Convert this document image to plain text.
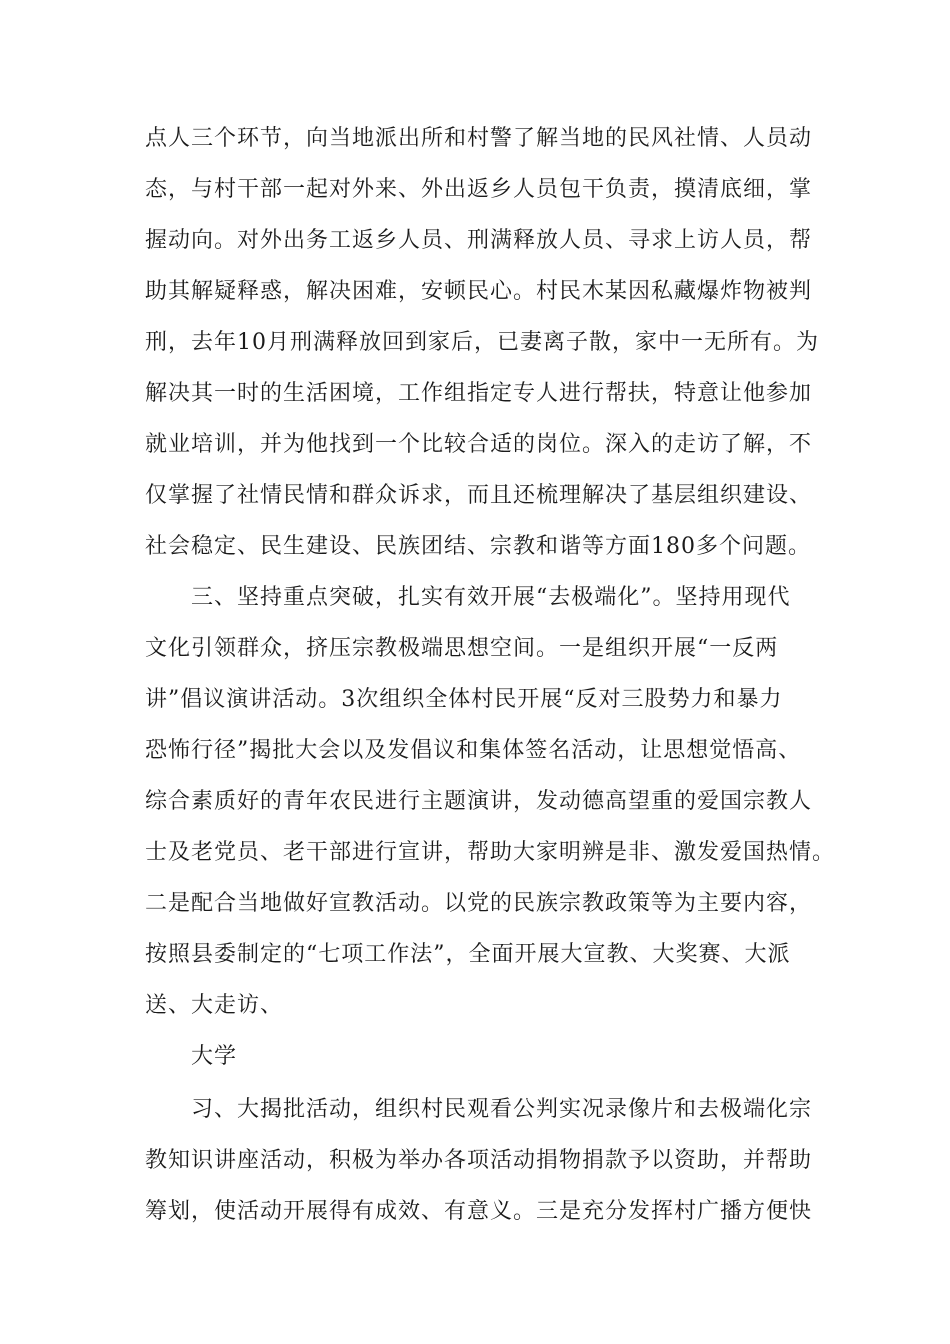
点人三个环节，向当地派出所和村警了解当地的民风社情、人员动
态，与村干部一起对外来、外出返乡人员包干负责，摸清底细，掌
握动向。对外出务工返乡人员、刑满释放人员、寻求上访人员，帮
助其解疑释惑，解决困难，安顿民心。村民木某因私藏爆炸物被判
刑，去年10月刑满释放回到家后，已妻离子散，家中一无所有。为
解决其一时的生活困境，工作组指定专人进行帮扶，特意让他参加
就业培训，并为他找到一个比较合适的岗位。深入的走访了解，不
仅掌握了社情民情和群众诉求，而且还梳理解决了基层组织建设、
社会稳定、民生建设、民族团结、宗教和谐等方面180多个问题。
三、坚持重点突破，扎实有效开展“去极端化”。坚持用现代
文化引领群众，挤压宗教极端思想空间。一是组织开展“一反两
讲”倡议演讲活动。3次组织全体村民开展“反对三股势力和暴力
恐怖行径”揭批大会以及发倡议和集体签名活动，让思想觉悟高、
综合素质好的青年农民进行主题演讲，发动德高望重的爱国宗教人
士及老党员、老干部进行宣讲，帮助大家明辨是非、激发爱国热情。
二是配合当地做好宣教活动。以党的民族宗教政策等为主要内容，
按照县委制定的“七项工作法”，全面开展大宣教、大奖赛、大派
送、大走访、
大学
习、大揭批活动，组织村民观看公判实况录像片和去极端化宗
教知识讲座活动，积极为举办各项活动捐物捐款予以资助，并帮助
筹划，使活动开展得有成效、有意义。三是充分发挥村广播方便快
